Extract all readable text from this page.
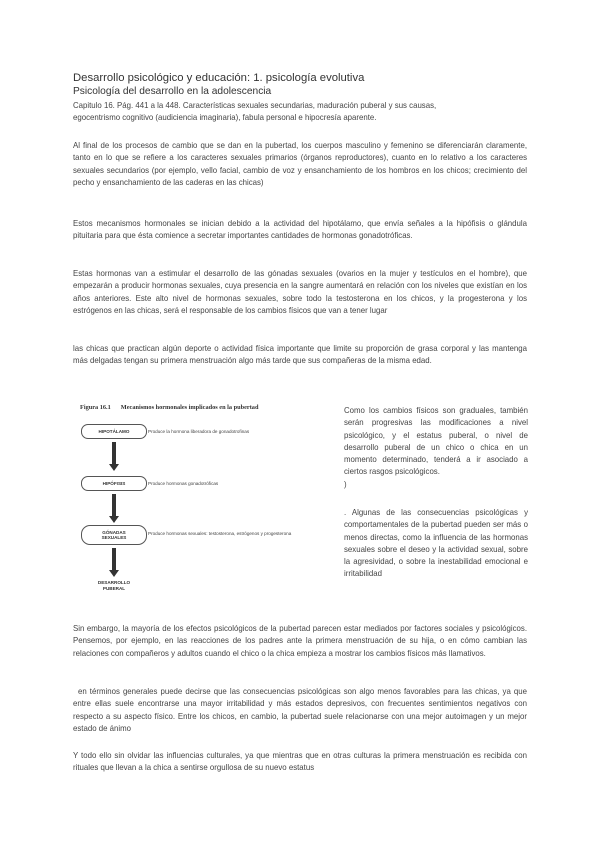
Desarrollo psicológico y educación: 1. psicología evolutiva
Psicología del desarrollo en la adolescencia

Capitulo 16. Pág. 441 a la 448. Características sexuales secundarias, maduración puberal y sus causas,
egocentrismo cognitivo (audiciencia imaginaria), fabula personal e hipocresía aparente.

Al final de los procesos de cambio que se dan en la pubertad, los cuerpos masculino y femenino se diferenciarán claramente, tanto en lo que se refiere a los caracteres sexuales primarios (órganos reproductores), cuanto en lo relativo a los caracteres sexuales secundarios (por ejemplo, vello facial, cambio de voz y ensanchamiento de los hombros en los chicos; crecimiento del pecho y ensanchamiento de las caderas en las chicas)

Estos mecanismos hormonales se inician debido a la actividad del hipotálamo, que envía señales a la hipófisis o glándula pituitaria para que ésta comience a secretar importantes cantidades de hormonas gonadotróficas.

Estas hormonas van a estimular el desarrollo de las gónadas sexuales (ovarios en la mujer y testículos en el hombre), que empezarán a producir hormonas sexuales, cuya presencia en la sangre aumentará en relación con los niveles que existían en los años anteriores. Este alto nivel de hormonas sexuales, sobre todo la testosterona en los chicos, y la progesterona y los estrógenos en las chicas, será el responsable de los cambios físicos que van a tener lugar

las chicas que practican algún deporte o actividad física importante que limite su proporción de grasa corporal y las mantenga más delgadas tengan su primera menstruación algo más tarde que sus compañeras de la misma edad.

Figura 16.1 Mecanismos hormonales implicados en la pubertad
HIPOTÁLAMO	Produce la hormona liberadora de gonadotrofinas
HIPÓFISIS	Produce hormonas gonadotróficas
GÓNADAS
SEXUALES
Produce hormonas sexuales: testosterona, estrógenos y progesterona
DESARROLLO
PUBERAL

Como los cambios físicos son graduales, también serán progresivas las modificaciones a nivel psicológico, y el estatus puberal, o nivel de desarrollo puberal de un chico o chica en un momento determinado, tenderá a ir asociado a ciertos rasgos psicológicos.
)

. Algunas de las consecuencias psicológicas y comportamentales de la pubertad pueden ser más o menos directas, como la influencia de las hormonas sexuales sobre el deseo y la actividad sexual, sobre la agresividad, o sobre la inestabilidad emocional e irritabilidad

Sin embargo, la mayoría de los efectos psicológicos de la pubertad parecen estar mediados por factores sociales y psicológicos. Pensemos, por ejemplo, en las reacciones de los padres ante la primera menstruación de su hija, o en cómo cambian las relaciones con compañeros y adultos cuando el chico o la chica empieza a mostrar los cambios físicos más llamativos.

en términos generales puede decirse que las consecuencias psicológicas son algo menos favorables para las chicas, ya que entre ellas suele encontrarse una mayor irritabilidad y más estados depresivos, con frecuentes sentimientos negativos con respecto a su aspecto físico. Entre los chicos, en cambio, la pubertad suele relacionarse con una mejor autoimagen y un mejor estado de ánimo

Y todo ello sin olvidar las influencias culturales, ya que mientras que en otras culturas la primera menstruación es recibida con rituales que llevan a la chica a sentirse orgullosa de su nuevo estatus
